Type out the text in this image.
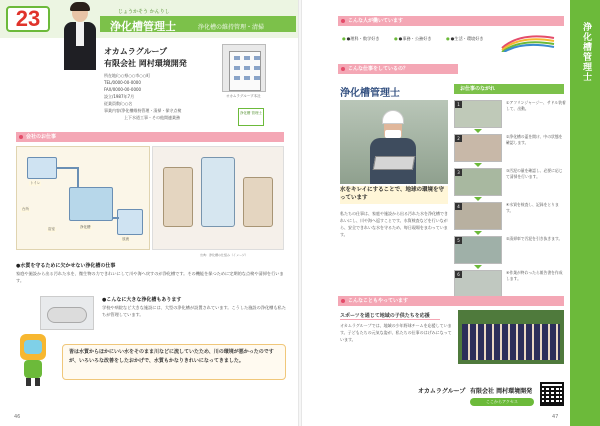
23	じょうかそう かんりし
浄化槽管理士	浄化槽の維持管理・清掃
オカムラグループ
有限会社 岡村環境開発
所在地/○○県○○市○○町
TEL/0000-00-0000
FAX/0000-00-0000
設立/1987年7月
従業員数/○○名
事業内容/浄化槽維持管理・清掃・保守点検
　　　　　上下水道工事・その他関連業務
オカムラグループ本社
浄化槽 管理士
会社のお仕事
トイレ
台所
浴室	浄化槽
放流
出典：浄化槽の仕組み（イメージ）
●水質を守るために欠かせない浄化槽の仕事
家庭や施設から出る汚れた水を、微生物の力できれいにして川や海へ戻すのが浄化槽です。その機能を保つために定期的な点検や清掃を行います。
●こんなに大きな浄化槽もあります
学校や病院など大きな施設には、大型の浄化槽が設置されています。こうした施設の浄化槽も私たちが管理しています。
皆は水質からほかにいい水をそのまま川などに流していたため、川の環境が悪かったのですが、いろいろな改善をしたおかげで、水質もかなりきれいになってきました。
46
浄化槽管理士
こんな人が働いています
● ●理科・数学好き	● ●事務・公務好き	● ●生活・環境好き
こんな仕事をしているの？
浄化槽管理士	お仕事のながれ
水をキレイにすることで、地球の環境を守っています
私たちの仕事は、家庭や施設から出る汚れた水を浄化槽できれいにし、川や海へ返すことです。水質検査などを行いながら、安全できれいな水を守るため、毎日現場をまわっています。
1	①アフリンジャージー、サドル装着して、出動。
2	②浄化槽の蓋を開け、中の状態を確認します。
3	③汚泥の量を確認し、必要に応じて清掃を行います。
4	④水質を検査し、記録をとります。
5	⑤清掃車で汚泥を引き抜きます。
6	⑥作業が終わったら報告書を作成します。
こんなこともやっています
スポーツを通じて地域の子供たちを応援
オカムラグループでは、地域の少年野球チームを応援しています。子どもたちの元気な姿が、私たちの仕事のはげみになっています。
オカムラグループ 有限会社 岡村環境開発
ここからアクセス
47
